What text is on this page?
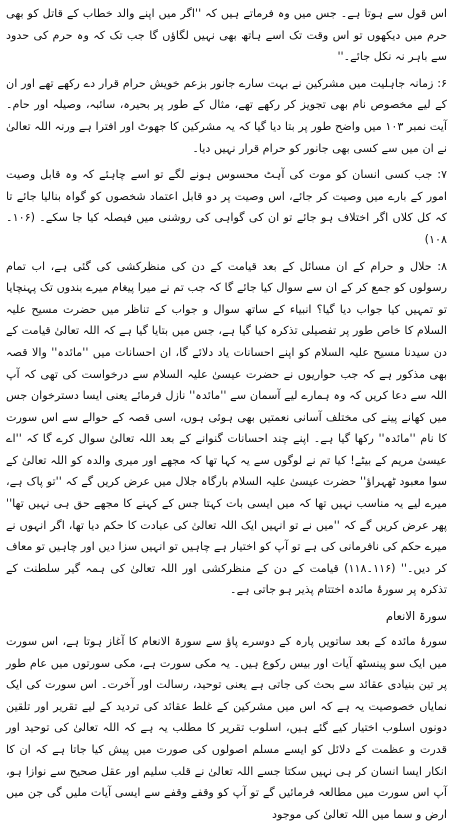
اس قول سے ہوتا ہے۔ جس میں وہ فرماتے ہیں کہ ''اگر میں اپنے والد خطاب کے قاتل کو بھی حرم میں دیکھوں تو اس وقت تک اسے ہاتھ بھی نہیں لگاؤں گا جب تک کہ وہ حرم کی حدود سے باہر نہ نکل جائے۔''

۶: زمانہ جاہلیت میں مشرکین نے بہت سارے جانور بزعم خویش حرام قرار دے رکھے تھے اور ان کے لیے مخصوص نام بھی تجویز کر رکھے تھے، مثال کے طور پر بحیرہ، سائبہ، وصیلہ اور حام۔ آیت نمبر ۱۰۳ میں واضح طور پر بتا دیا گیا کہ یہ مشرکین کا جھوٹ اور افترا ہے ورنہ اللہ تعالیٰ نے ان میں سے کسی بھی جانور کو حرام قرار نہیں دیا۔

۷: جب کسی انسان کو موت کی آہٹ محسوس ہونے لگے تو اسے چاہئے کہ وہ قابل وصیت امور کے بارے میں وصیت کر جائے، اس وصیت پر دو قابل اعتماد شخصوں کو گواہ بنالیا جائے تا کہ کل کلاں اگر اختلاف ہو جائے تو ان کی گواہی کی روشنی میں فیصلہ کیا جا سکے۔ (۱۰۶۔۱۰۸)

۸: حلال و حرام کے ان مسائل کے بعد قیامت کے دن کی منظرکشی کی گئی ہے، اب تمام رسولوں کو جمع کر کے ان سے سوال کیا جائے گا کہ جب تم نے میرا پیغام میرے بندوں تک پہنچایا تو تمہیں کیا جواب دیا گیا؟ انبیاء کے ساتھ سوال و جواب کے تناظر میں حضرت مسیح علیہ السلام کا خاص طور پر تفصیلی تذکرہ کیا گیا ہے، جس میں بتایا گیا ہے کہ اللہ تعالیٰ قیامت کے دن سیدنا مسیح علیہ السلام کو اپنے احسانات یاد دلائے گا، ان احسانات میں ''مائدہ'' والا قصہ بھی مذکور ہے کہ جب حواریوں نے حضرت عیسیٰ علیہ السلام سے درخواست کی تھی کہ آپ اللہ سے دعا کریں کہ وہ ہمارے لیے آسمان سے ''مائدہ'' نازل فرمائے یعنی ایسا دسترخوان جس میں کھانے پینے کی مختلف آسانی نعمتیں بھی ہوئی ہوں، اسی قصہ کے حوالے سے اس سورت کا نام ''مائدہ'' رکھا گیا ہے۔ اپنے چند احسانات گنوانے کے بعد اللہ تعالیٰ سوال کرے گا کہ ''اے عیسیٰ مریم کے بیٹے! کیا تم نے لوگوں سے یہ کہا تھا کہ مجھے اور میری والدہ کو اللہ تعالیٰ کے سوا معبود ٹھہراؤ'' حضرت عیسیٰ علیہ السلام بارگاہ جلال میں عرض کریں گے کہ ''تو پاک ہے، میرے لیے یہ مناسب نہیں تھا کہ میں ایسی بات کہتا جس کے کہنے کا مجھے حق ہی نہیں تھا'' پھر عرض کریں گے کہ ''میں نے تو انہیں ایک اللہ تعالیٰ کی عبادت کا حکم دیا تھا، اگر انہوں نے میرے حکم کی نافرمانی کی ہے تو آپ کو اختیار ہے چاہیں تو انہیں سزا دیں اور چاہیں تو معاف کر دیں۔'' (۱۱۶۔۱۱۸) قیامت کے دن کے منظرکشی اور اللہ تعالیٰ کی ہمہ گیر سلطنت کے تذکرہ پر سورۂ مائدہ اختتام پذیر ہو جاتی ہے۔

سورۃ الانعام

سورۂ مائدہ کے بعد ساتویں پارہ کے دوسرے پاؤ سے سورۃ الانعام کا آغاز ہوتا ہے، اس سورت میں ایک سو پینسٹھ آیات اور بیس رکوع ہیں۔ یہ مکی سورت ہے، مکی سورتوں میں عام طور پر تین بنیادی عقائد سے بحث کی جاتی ہے یعنی توحید، رسالت اور آخرت۔ اس سورت کی ایک نمایاں خصوصیت یہ ہے کہ اس میں مشرکین کے غلط عقائد کی تردید کے لیے تقریر اور تلقین دونوں اسلوب اختیار کیے گئے ہیں، اسلوب تقریر کا مطلب یہ ہے کہ اللہ تعالیٰ کی توحید اور قدرت و عظمت کے دلائل کو ایسے مسلم اصولوں کی صورت میں پیش کیا جاتا ہے کہ ان کا انکار ایسا انسان کر ہی نہیں سکتا جسے اللہ تعالیٰ نے قلب سلیم اور عقل صحیح سے نوازا ہو، آپ اس سورت میں مطالعہ فرمائیں گے تو آپ کو وقفے وقفے سے ایسی آیات ملیں گی جن میں ارض و سما میں اللہ تعالیٰ کی موجود
